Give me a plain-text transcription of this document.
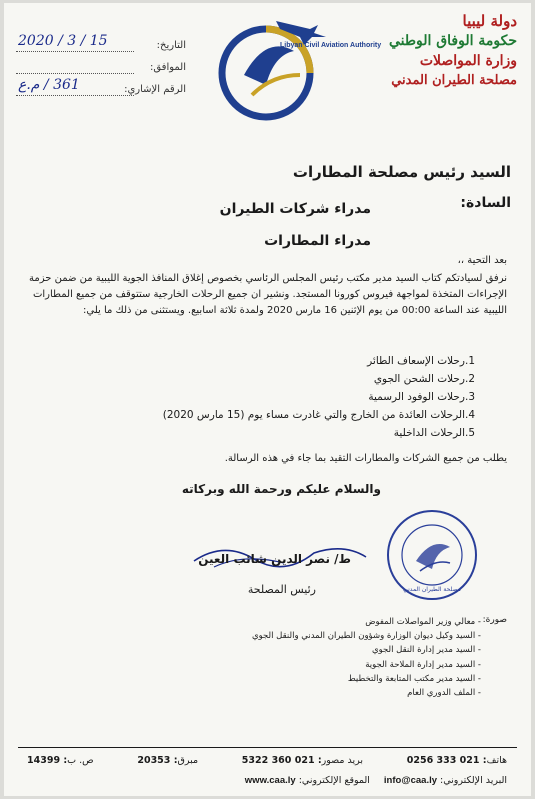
دولة ليبيا
حكومة الوفاق الوطني
وزارة المواصلات
مصلحة الطيران المدني
Libyan Civil Aviation Authority
التاريخ:
2020 / 3 / 15
الموافق:
الرقم الإشاري:
361 / م.ع
السيد رئيس مصلحة المطارات
السادة:
مدراء شركات الطيران
مدراء المطارات
بعد التحية ،،
نرفق لسيادتكم كتاب السيد مدير مكتب رئيس المجلس الرئاسي بخصوص إغلاق المنافذ الجوية الليبية من ضمن حزمة الإجراءات المتخذة لمواجهة فيروس كورونا المستجد. ونشير ان جميع الرحلات الخارجية ستتوقف من جميع المطارات الليبية عند الساعة 00:00 من يوم الإثنين 16 مارس 2020 ولمدة ثلاثة اسابيع. ويستثنى من ذلك ما يلي:
1.
رحلات الإسعاف الطائر
2.
رحلات الشحن الجوي
3.
رحلات الوفود الرسمية
4.
الرحلات العائدة من الخارج والتي غادرت مساء يوم (15 مارس 2020)
5.
الرحلات الداخلية
يطلب من جميع الشركات والمطارات التقيد بما جاء في هذه الرسالة.
والسلام عليكم ورحمة الله وبركاته
ط/ نصر الدين شائب العين
رئيس المصلحة	مصلحة الطيران المدني
صورة:
- معالي وزير المواصلات المفوض
- السيد وكيل ديوان الوزارة وشؤون الطيران المدني والنقل الجوي
- السيد مدير إدارة النقل الجوي
- السيد مدير إدارة الملاحة الجوية
- السيد مدير مكتب المتابعة والتخطيط
- الملف الدوري العام
هاتف: 021 333 0256
بريد مصور: 021 360 5322
مبرق: 20353
ص. ب: 14399
البريد الإلكتروني: info@caa.ly
الموقع الإلكتروني: www.caa.ly
